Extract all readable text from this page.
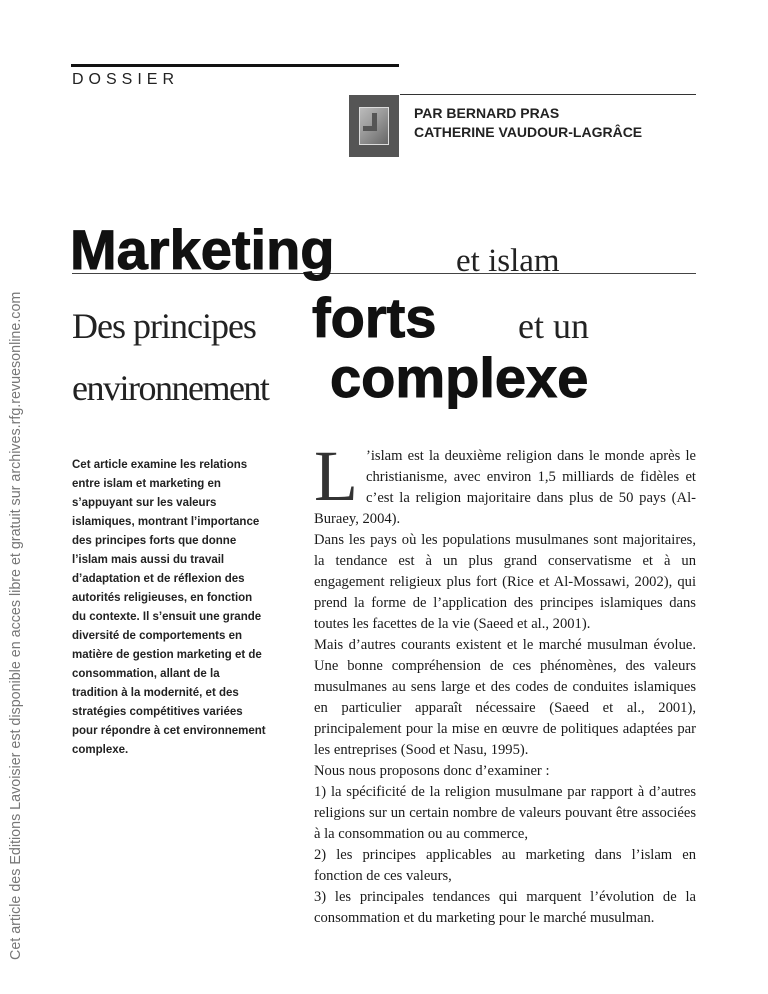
Cet article des Editions Lavoisier est disponible en acces libre et gratuit sur archives.rfg.revuesonline.com
DOSSIER
PAR BERNARD PRAS
CATHERINE VAUDOUR-LAGRÂCE
Marketing	et islam
Des principes forts et un
environnement complexe

Cet article examine les relations entre islam et marketing en s’appuyant sur les valeurs islamiques, montrant l’importance des principes forts que donne l’islam mais aussi du travail d’adaptation et de réflexion des autorités religieuses, en fonction du contexte. Il s’ensuit une grande diversité de comportements en matière de gestion marketing et de consommation, allant de la tradition à la modernité, et des stratégies compétitives variées pour répondre à cet environnement complexe.

L ’islam est la deuxième religion dans le monde après le christianisme, avec environ 1,5 milliards de fidèles et c’est la religion majoritaire dans plus de 50 pays (Al-Buraey, 2004).

Dans les pays où les populations musulmanes sont majoritaires, la tendance est à un plus grand conservatisme et à un engagement religieux plus fort (Rice et Al-Mossawi, 2002), qui prend la forme de l’application des principes islamiques dans toutes les facettes de la vie (Saeed et al., 2001).

Mais d’autres courants existent et le marché musulman évolue. Une bonne compréhension de ces phénomènes, des valeurs musulmanes au sens large et des codes de conduites islamiques en particulier apparaît nécessaire (Saeed et al., 2001), principalement pour la mise en œuvre de politiques adaptées par les entreprises (Sood et Nasu, 1995).

Nous nous proposons donc d’examiner :

1) la spécificité de la religion musulmane par rapport à d’autres religions sur un certain nombre de valeurs pouvant être associées à la consommation ou au commerce,

2) les principes applicables au marketing dans l’islam en fonction de ces valeurs,

3) les principales tendances qui marquent l’évolution de la consommation et du marketing pour le marché musulman.
